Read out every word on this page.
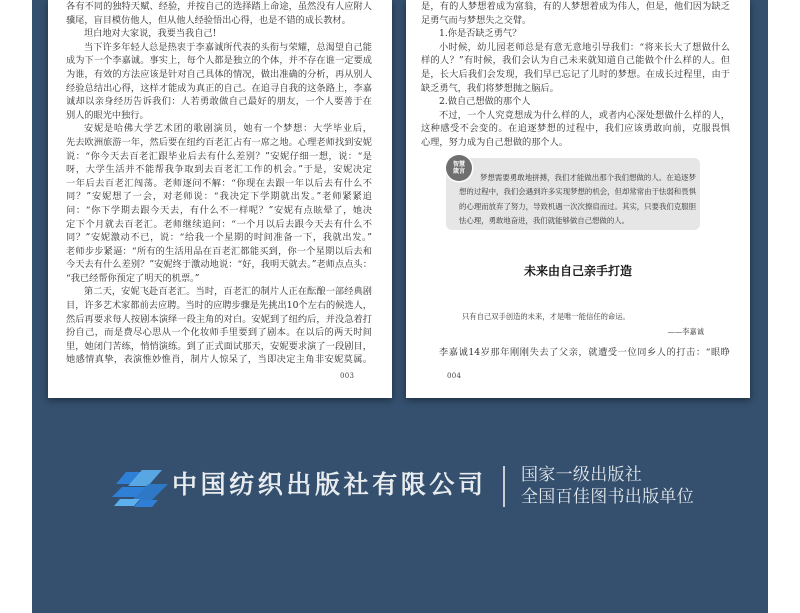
各有不同的独特天赋、经验，并按自己的选择踏上命途，虽然没有人应附人
骥尾，盲目模仿他人，但从他人经验悟出心得，也是不错的成长教材。
坦白地对大家说，我要当我自己!
当下许多年轻人总是热衷于李嘉诚所代表的头衔与荣耀，总渴望自己能
成为下一个李嘉诚。事实上，每个人都是独立的个体，并不存在谁一定要成
为谁，有效的方法应该是针对自己具体的情况，做出准确的分析，再从别人
经验总结出心得，这样才能成为真正的自己。在追寻自我的这条路上，李嘉
诚却以亲身经历告诉我们：人若勇敢做自己最好的朋友，一个人要善于在
别人的眼光中独行。
安妮是哈佛大学艺术团的歌剧演员，她有一个梦想：大学毕业后，
先去欧洲旅游一年，然后要在纽约百老汇占有一席之地。心理老师找到安妮
说：“你今天去百老汇跟毕业后去有什么差别？”安妮仔细一想，说：“是
呀，大学生活并不能帮我争取到去百老汇工作的机会。”于是，安妮决定
一年后去百老汇闯荡。老师逐问不解：“你现在去跟一年以后去有什么不
同？”安妮想了一会，对老师说：“我决定下学期就出发。”老师紧紧追
问：“你下学期去跟今天去，有什么不一样呢？”安妮有点眩晕了，她决
定下个月就去百老汇。老师继续追问：“一个月以后去跟今天去有什么不
同？”安妮激动不已，说：“给我一个星期的时间准备一下，我就出发。”
老师步步紧逼：“所有的生活用品在百老汇都能买到，你一个星期以后去和
今天去有什么差别？”安妮终于激动地说：“好，我明天就去。”老师点点头：
“我已经帮你预定了明天的机票。”
第二天，安妮飞赴百老汇。当时，百老汇的制片人正在酝酿一部经典剧
目，许多艺术家都前去应聘。当时的应聘步骤是先挑出10个左右的候选人，
然后再要求每人按剧本演绎一段主角的对白。安妮到了纽约后，并没急着打
扮自己，而是费尽心思从一个化妆师手里要到了剧本。在以后的两天时间
里，她闭门苦练，悄悄演练。到了正式面试那天，安妮要求演了一段剧目，
她感情真挚，表演惟妙惟肖，制片人惊呆了，当即决定主角非安妮莫属。
003
是，有的人梦想着成为富翁，有的人梦想着成为伟人，但是，他们因为缺乏
足勇气而与梦想失之交臂。
1.你是否缺乏勇气？
小时候，幼儿园老师总是有意无意地引导我们：“将来长大了想做什么
样的人？”有时候，我们会认为自己未来就知道自己能做个什么样的人。但
是，长大后我们会发现，我们早已忘记了儿时的梦想。在成长过程里，由于
缺乏勇气，我们将梦想抛之脑后。
2.做自己想做的那个人
不过，一个人究竟想成为什么样的人，或者内心深处想做什么样的人，
这种感受不会变的。在追逐梦想的过程中，我们应该勇敢向前，克服畏惧
心理，努力成为自己想做的那个人。
梦想需要勇敢地拼搏，我们才能做出那个我们想做的人。在追逐梦
想的过程中，我们会遇到许多实现梦想的机会，但却常常由于怯弱和畏惧
的心理而放弃了努力，导致机遇一次次擦肩而过。其实，只要我们克服胆
怯心理，勇敢地奋进，我们就能够做自己想做的人。
智慧
箴言
未来由自己亲手打造
只有自己双手创造的未来，才是唯一能信任的命运。
——李嘉诚
李嘉诚14岁那年刚刚失去了父亲，就遭受一位同乡人的打击：“眼睁
004
中国纺织出版社有限公司 国家一级出版社
全国百佳图书出版单位
